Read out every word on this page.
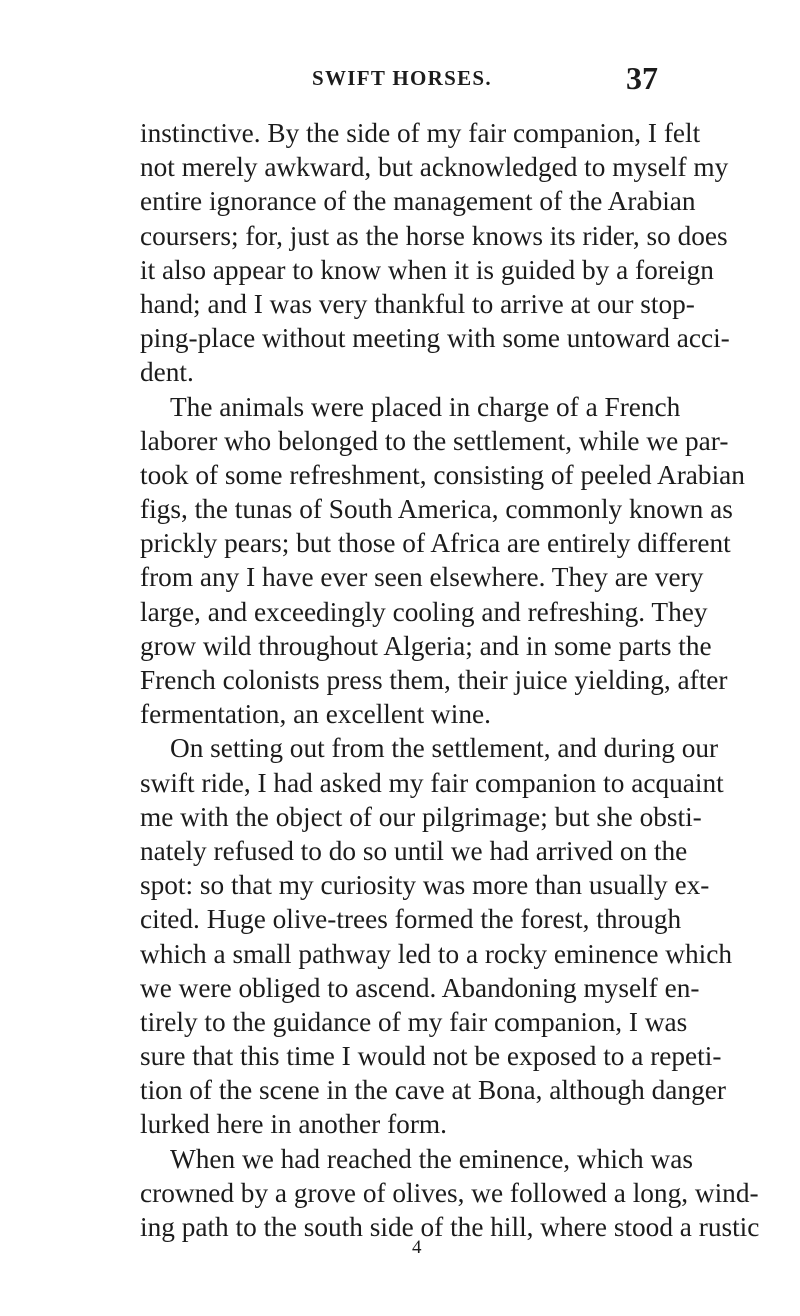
SWIFT HORSES.	37
instinctive. By the side of my fair companion, I felt
not merely awkward, but acknowledged to myself my
entire ignorance of the management of the Arabian
coursers; for, just as the horse knows its rider, so does
it also appear to know when it is guided by a foreign
hand; and I was very thankful to arrive at our stop-
ping-place without meeting with some untoward acci-
dent.
The animals were placed in charge of a French
laborer who belonged to the settlement, while we par-
took of some refreshment, consisting of peeled Arabian
figs, the tunas of South America, commonly known as
prickly pears; but those of Africa are entirely different
from any I have ever seen elsewhere. They are very
large, and exceedingly cooling and refreshing. They
grow wild throughout Algeria; and in some parts the
French colonists press them, their juice yielding, after
fermentation, an excellent wine.
On setting out from the settlement, and during our
swift ride, I had asked my fair companion to acquaint
me with the object of our pilgrimage; but she obsti-
nately refused to do so until we had arrived on the
spot: so that my curiosity was more than usually ex-
cited. Huge olive-trees formed the forest, through
which a small pathway led to a rocky eminence which
we were obliged to ascend. Abandoning myself en-
tirely to the guidance of my fair companion, I was
sure that this time I would not be exposed to a repeti-
tion of the scene in the cave at Bona, although danger
lurked here in another form.
When we had reached the eminence, which was
crowned by a grove of olives, we followed a long, wind-
ing path to the south side of the hill, where stood a rustic
4
